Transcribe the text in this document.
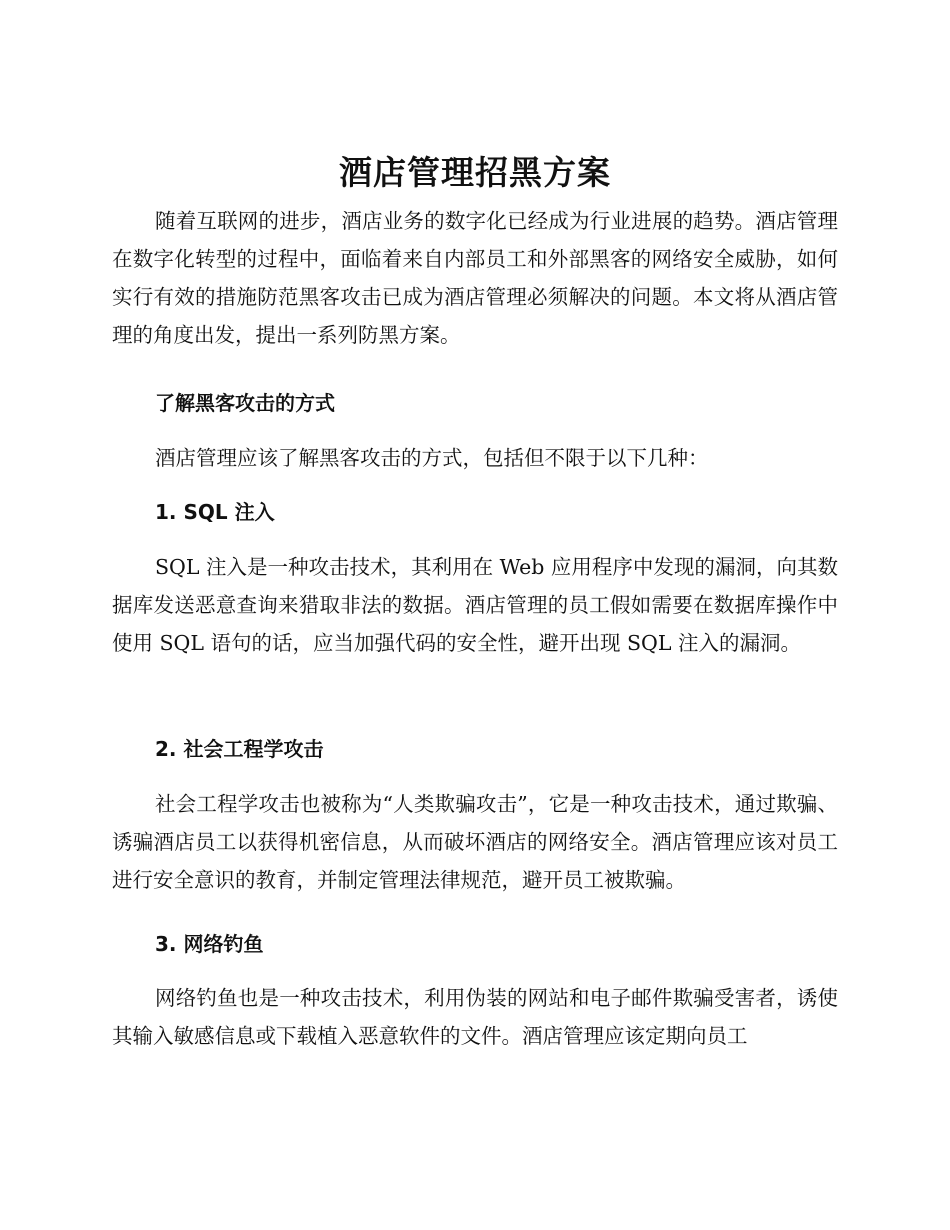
酒店管理招黑方案

随着互联网的进步，酒店业务的数字化已经成为行业进展的趋势。酒店管理在数字化转型的过程中，面临着来自内部员工和外部黑客的网络安全威胁，如何实行有效的措施防范黑客攻击已成为酒店管理必须解决的问题。本文将从酒店管理的角度出发，提出一系列防黑方案。

了解黑客攻击的方式

酒店管理应该了解黑客攻击的方式，包括但不限于以下几种：

1. SQL 注入

SQL 注入是一种攻击技术，其利用在 Web 应用程序中发现的漏洞，向其数据库发送恶意查询来猎取非法的数据。酒店管理的员工假如需要在数据库操作中使用 SQL 语句的话，应当加强代码的安全性，避开出现 SQL 注入的漏洞。

2. 社会工程学攻击

社会工程学攻击也被称为“人类欺骗攻击”，它是一种攻击技术，通过欺骗、诱骗酒店员工以获得机密信息，从而破坏酒店的网络安全。酒店管理应该对员工进行安全意识的教育，并制定管理法律规范，避开员工被欺骗。

3. 网络钓鱼

网络钓鱼也是一种攻击技术，利用伪装的网站和电子邮件欺骗受害者，诱使其输入敏感信息或下载植入恶意软件的文件。酒店管理应该定期向员工
